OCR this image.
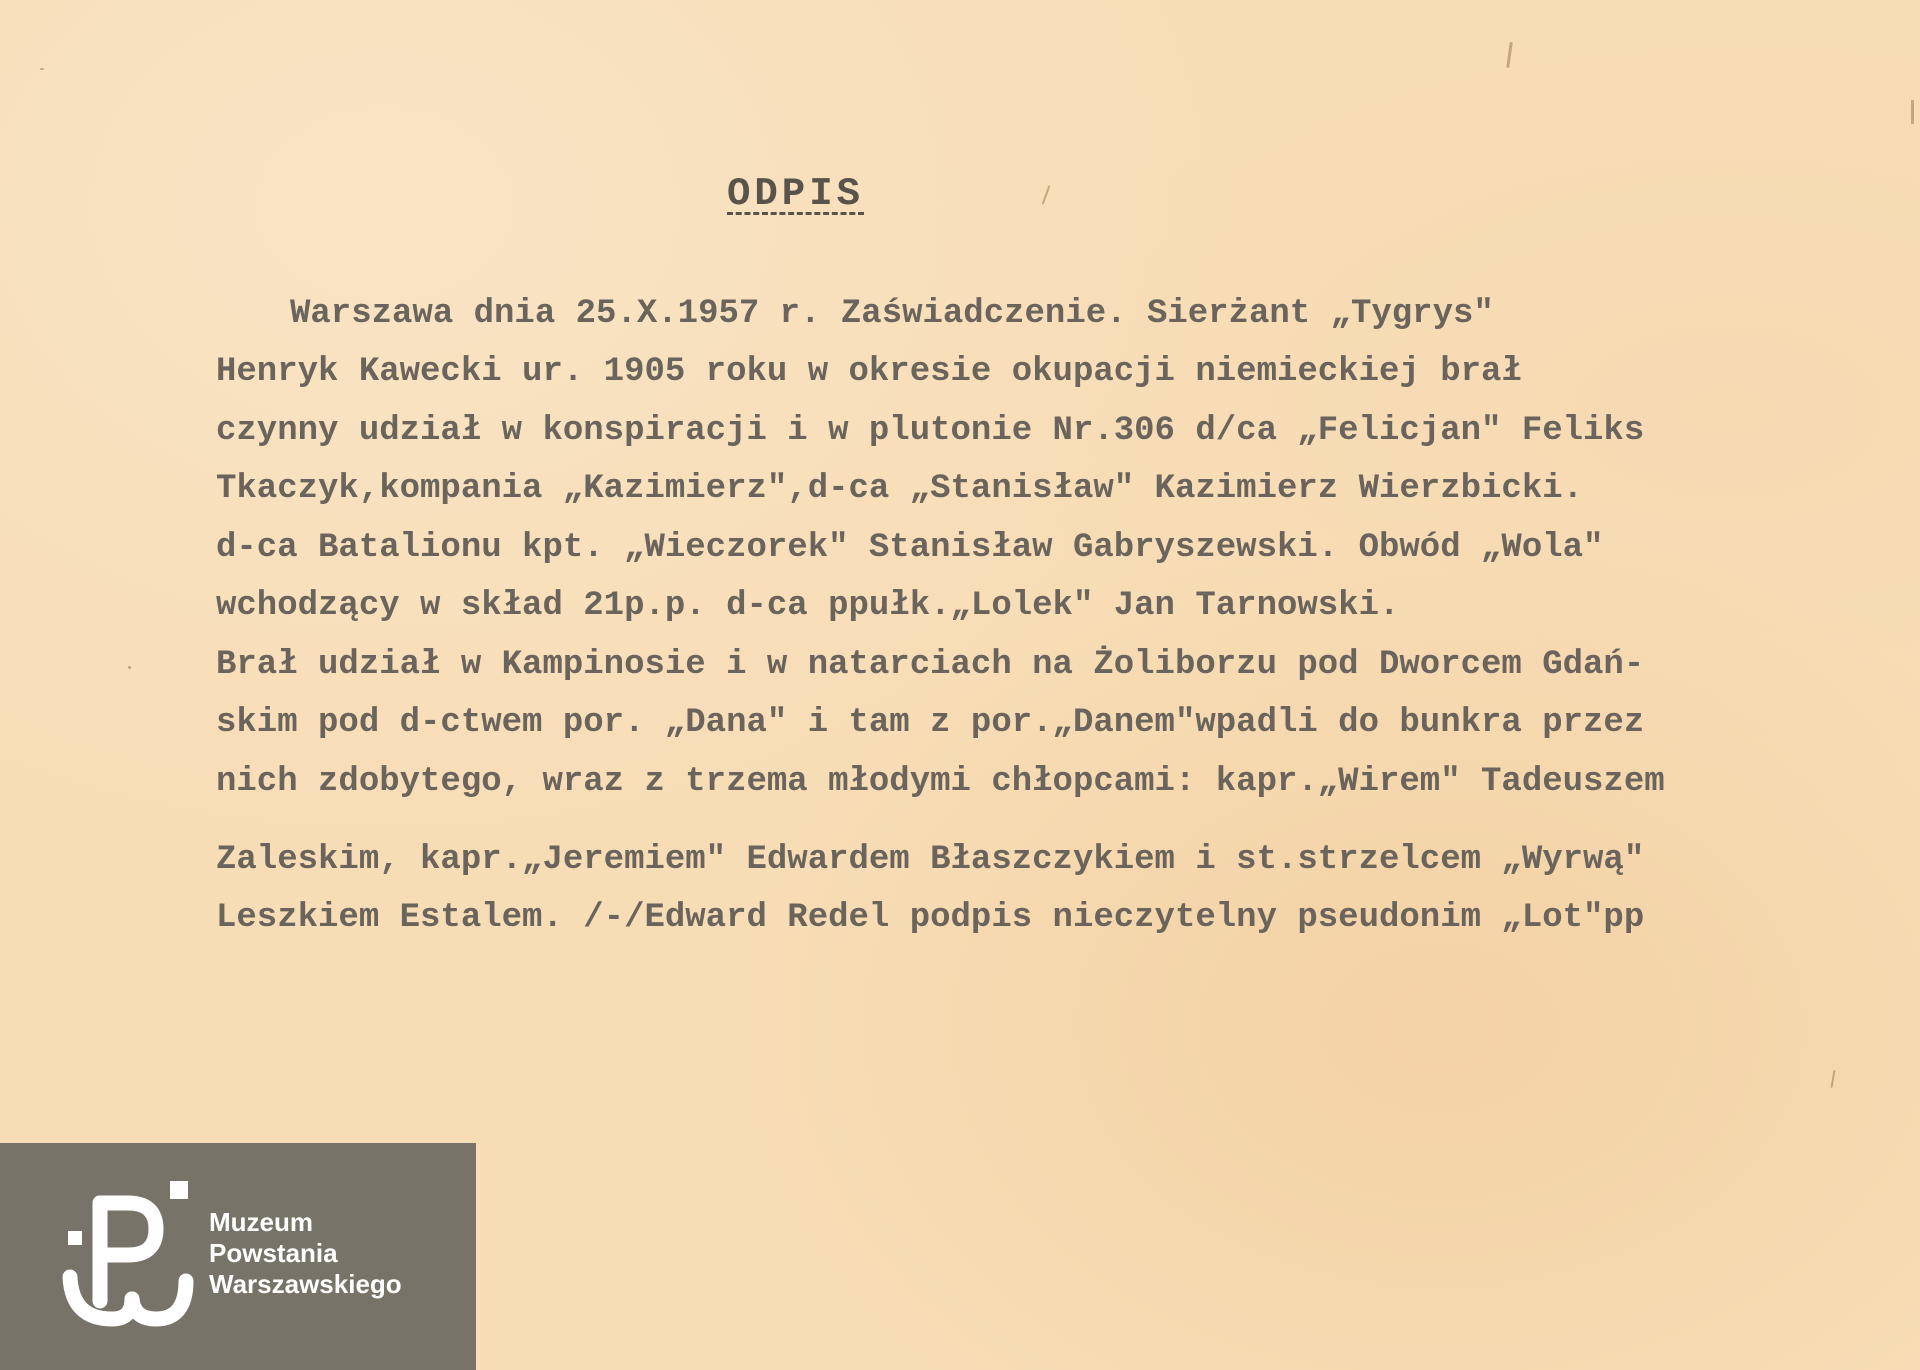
ODPIS

Warszawa dnia 25.X.1957 r. Zaświadczenie. Sierżant „Tygrys"

Henryk Kawecki ur. 1905 roku w okresie okupacji niemieckiej brał

czynny udział w konspiracji i w plutonie Nr.306 d/ca „Felicjan" Feliks

Tkaczyk,kompania „Kazimierz",d-ca „Stanisław" Kazimierz Wierzbicki.

d-ca Batalionu kpt. „Wieczorek" Stanisław Gabryszewski. Obwód „Wola"

wchodzący w skład 21p.p. d-ca ppułk.„Lolek" Jan Tarnowski.

Brał udział w Kampinosie i w natarciach na Żoliborzu pod Dworcem Gdań-

skim pod d-ctwem por. „Dana" i tam z por.„Danem"wpadli do bunkra przez

nich zdobytego, wraz z trzema młodymi chłopcami: kapr.„Wirem" Tadeuszem

Zaleskim, kapr.„Jeremiem" Edwardem Błaszczykiem i st.strzelcem „Wyrwą"

Leszkiem Estalem. /-/Edward Redel podpis nieczytelny pseudonim „Lot"pp

Muzeum
Powstania
Warszawskiego
